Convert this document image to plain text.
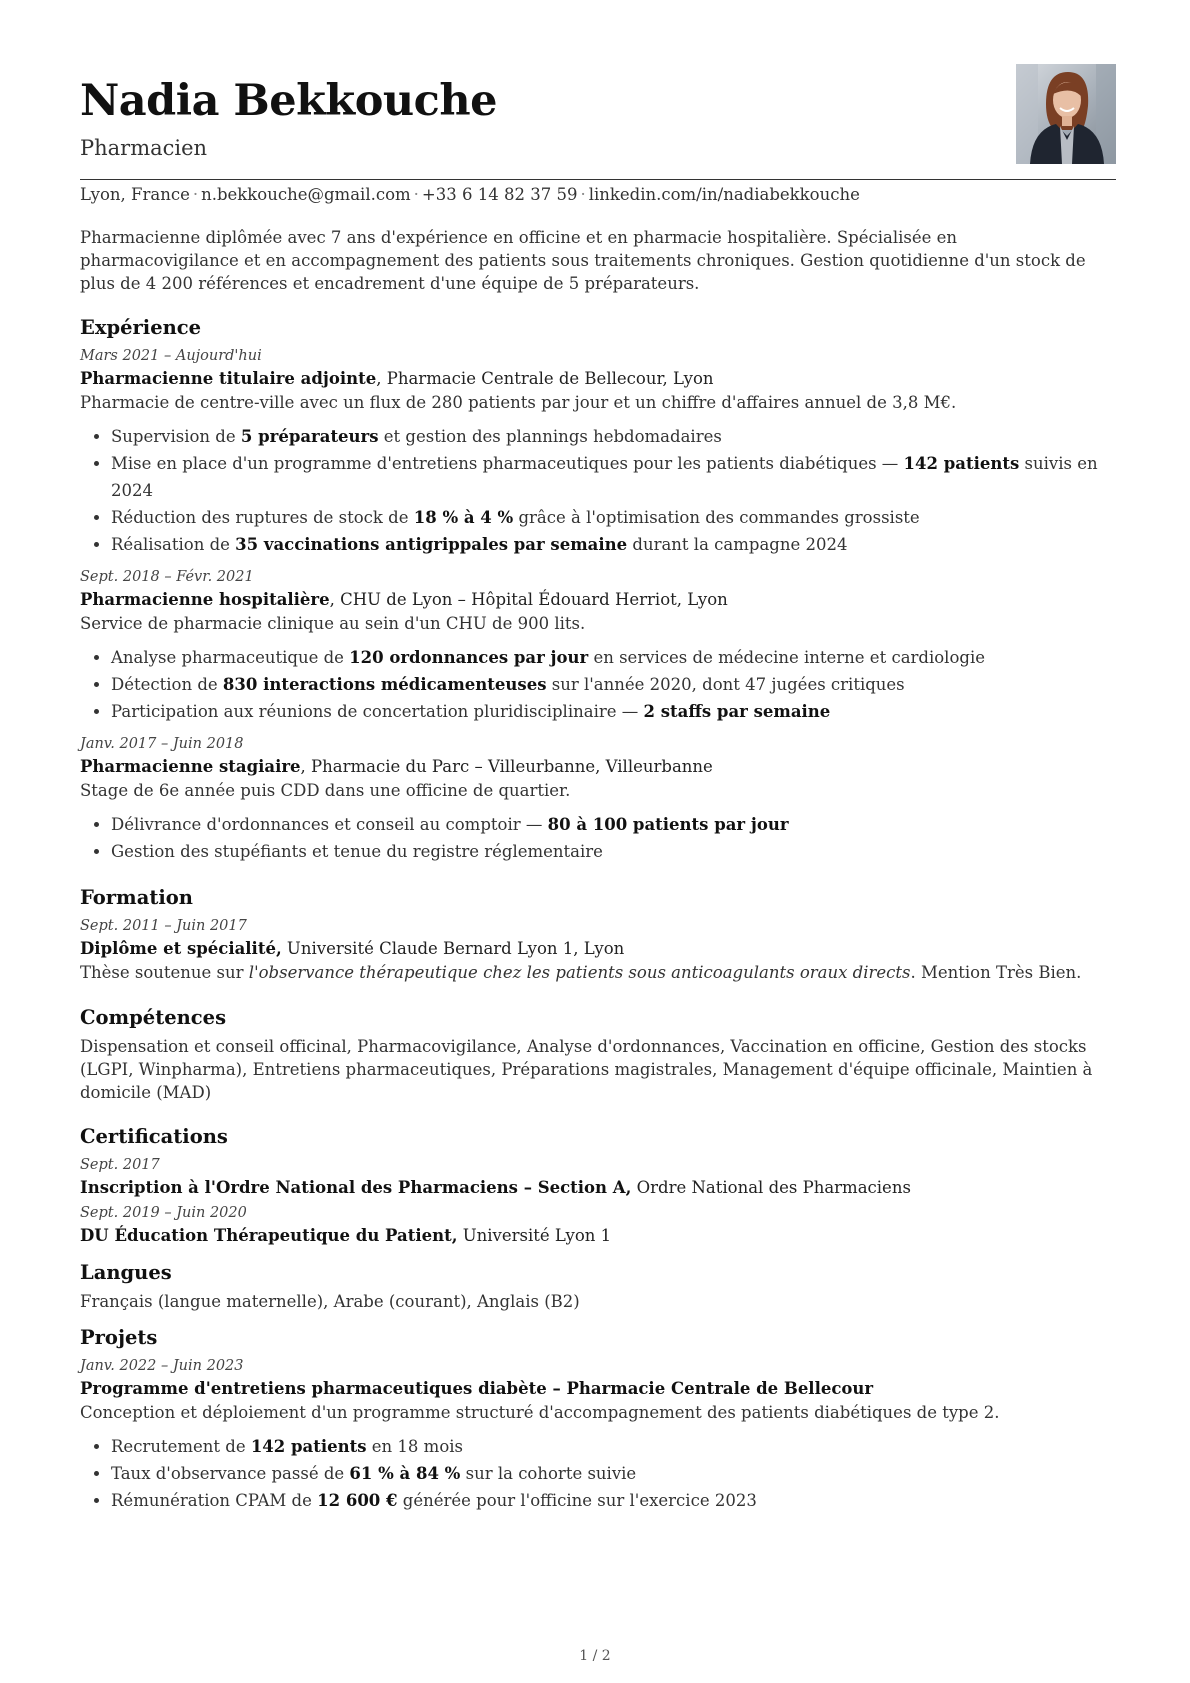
Nadia Bekkouche
Pharmacien
Lyon, France · n.bekkouche@gmail.com · +33 6 14 82 37 59 · linkedin.com/in/nadiabekkouche
Pharmacienne diplômée avec 7 ans d'expérience en officine et en pharmacie hospitalière. Spécialisée en pharmacovigilance et en accompagnement des patients sous traitements chroniques. Gestion quotidienne d'un stock de plus de 4 200 références et encadrement d'une équipe de 5 préparateurs.
Expérience
Mars 2021 – Aujourd'hui
Pharmacienne titulaire adjointe, Pharmacie Centrale de Bellecour, Lyon
Pharmacie de centre-ville avec un flux de 280 patients par jour et un chiffre d'affaires annuel de 3,8 M€.
• Supervision de 5 préparateurs et gestion des plannings hebdomadaires
• Mise en place d'un programme d'entretiens pharmaceutiques pour les patients diabétiques — 142 patients suivis en 2024
• Réduction des ruptures de stock de 18 % à 4 % grâce à l'optimisation des commandes grossiste
• Réalisation de 35 vaccinations antigrippales par semaine durant la campagne 2024
Sept. 2018 – Févr. 2021
Pharmacienne hospitalière, CHU de Lyon – Hôpital Édouard Herriot, Lyon
Service de pharmacie clinique au sein d'un CHU de 900 lits.
• Analyse pharmaceutique de 120 ordonnances par jour en services de médecine interne et cardiologie
• Détection de 830 interactions médicamenteuses sur l'année 2020, dont 47 jugées critiques
• Participation aux réunions de concertation pluridisciplinaire — 2 staffs par semaine
Janv. 2017 – Juin 2018
Pharmacienne stagiaire, Pharmacie du Parc – Villeurbanne, Villeurbanne
Stage de 6e année puis CDD dans une officine de quartier.
• Délivrance d'ordonnances et conseil au comptoir — 80 à 100 patients par jour
• Gestion des stupéfiants et tenue du registre réglementaire
Formation
Sept. 2011 – Juin 2017
Diplôme et spécialité, Université Claude Bernard Lyon 1, Lyon
Thèse soutenue sur l'observance thérapeutique chez les patients sous anticoagulants oraux directs. Mention Très Bien.
Compétences
Dispensation et conseil officinal, Pharmacovigilance, Analyse d'ordonnances, Vaccination en officine, Gestion des stocks (LGPI, Winpharma), Entretiens pharmaceutiques, Préparations magistrales, Management d'équipe officinale, Maintien à domicile (MAD)
Certifications
Sept. 2017
Inscription à l'Ordre National des Pharmaciens – Section A, Ordre National des Pharmaciens
Sept. 2019 – Juin 2020
DU Éducation Thérapeutique du Patient, Université Lyon 1
Langues
Français (langue maternelle), Arabe (courant), Anglais (B2)
Projets
Janv. 2022 – Juin 2023
Programme d'entretiens pharmaceutiques diabète – Pharmacie Centrale de Bellecour
Conception et déploiement d'un programme structuré d'accompagnement des patients diabétiques de type 2.
• Recrutement de 142 patients en 18 mois
• Taux d'observance passé de 61 % à 84 % sur la cohorte suivie
• Rémunération CPAM de 12 600 € générée pour l'officine sur l'exercice 2023
1 / 2
